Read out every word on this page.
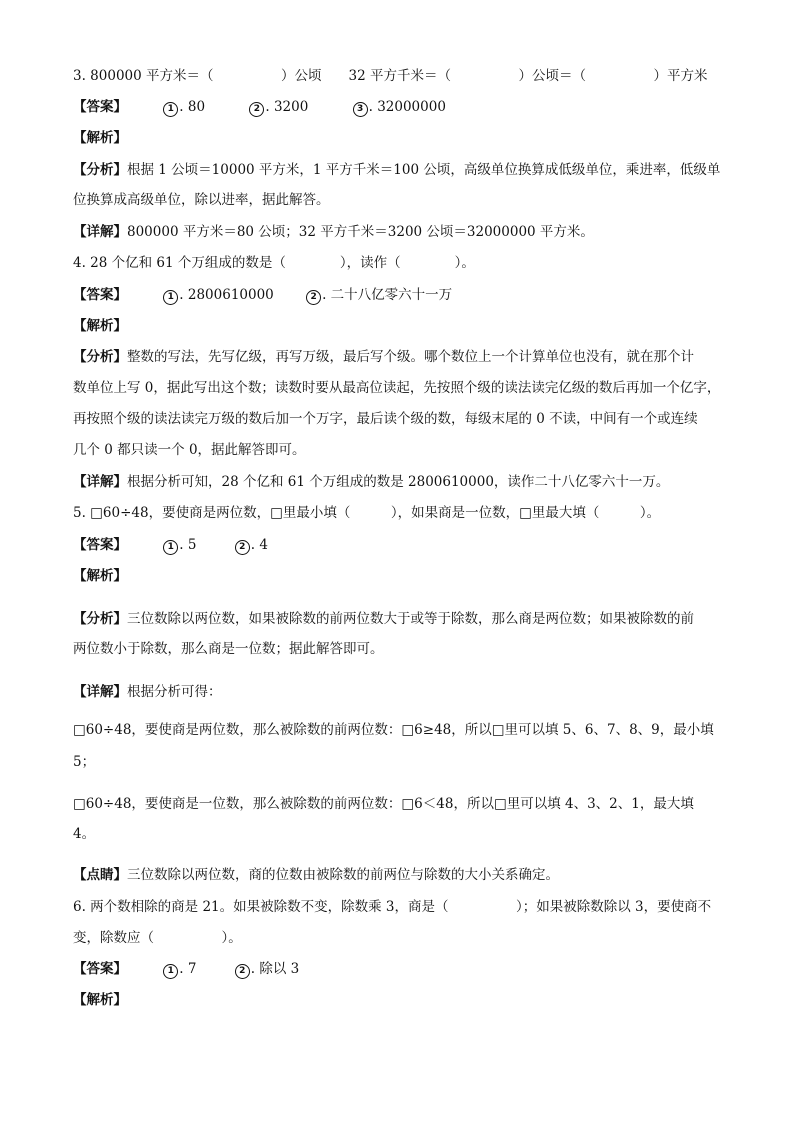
3. 800000 平方米＝（　　　　　）公顷　　32 平方千米＝（　　　　　）公顷＝（　　　　　）平方米
【答案】	1 . 80	2 . 3200	3 . 32000000
【解析】
【分析】根据 1 公顷＝10000 平方米，1 平方千米＝100 公顷，高级单位换算成低级单位，乘进率，低级单
位换算成高级单位，除以进率，据此解答。
【详解】800000 平方米＝80 公顷；32 平方千米＝3200 公顷＝32000000 平方米。
4. 28 个亿和 61 个万组成的数是（　　　　），读作（　　　　）。
【答案】	1 . 2800610000	2 . 二十八亿零六十一万
【解析】
【分析】整数的写法，先写亿级，再写万级，最后写个级。哪个数位上一个计算单位也没有，就在那个计
数单位上写 0，据此写出这个数；读数时要从最高位读起，先按照个级的读法读完亿级的数后再加一个亿字，
再按照个级的读法读完万级的数后加一个万字，最后读个级的数，每级末尾的 0 不读，中间有一个或连续
几个 0 都只读一个 0，据此解答即可。
【详解】根据分析可知，28 个亿和 61 个万组成的数是 2800610000，读作二十八亿零六十一万。
5. □60÷48，要使商是两位数，□里最小填（　　　），如果商是一位数，□里最大填（　　　）。
【答案】	1 . 5	2 . 4
【解析】
【分析】三位数除以两位数，如果被除数的前两位数大于或等于除数，那么商是两位数；如果被除数的前
两位数小于除数，那么商是一位数；据此解答即可。
【详解】根据分析可得：
□60÷48，要使商是两位数，那么被除数的前两位数：□6≥48，所以□里可以填 5、6、7、8、9，最小填
5；
□60÷48，要使商是一位数，那么被除数的前两位数：□6＜48，所以□里可以填 4、3、2、1，最大填
4。
【点睛】三位数除以两位数，商的位数由被除数的前两位与除数的大小关系确定。
6. 两个数相除的商是 21。如果被除数不变，除数乘 3，商是（　　　　　）；如果被除数除以 3，要使商不
变，除数应（　　　　　）。
【答案】	1 . 7	2 . 除以 3
【解析】
